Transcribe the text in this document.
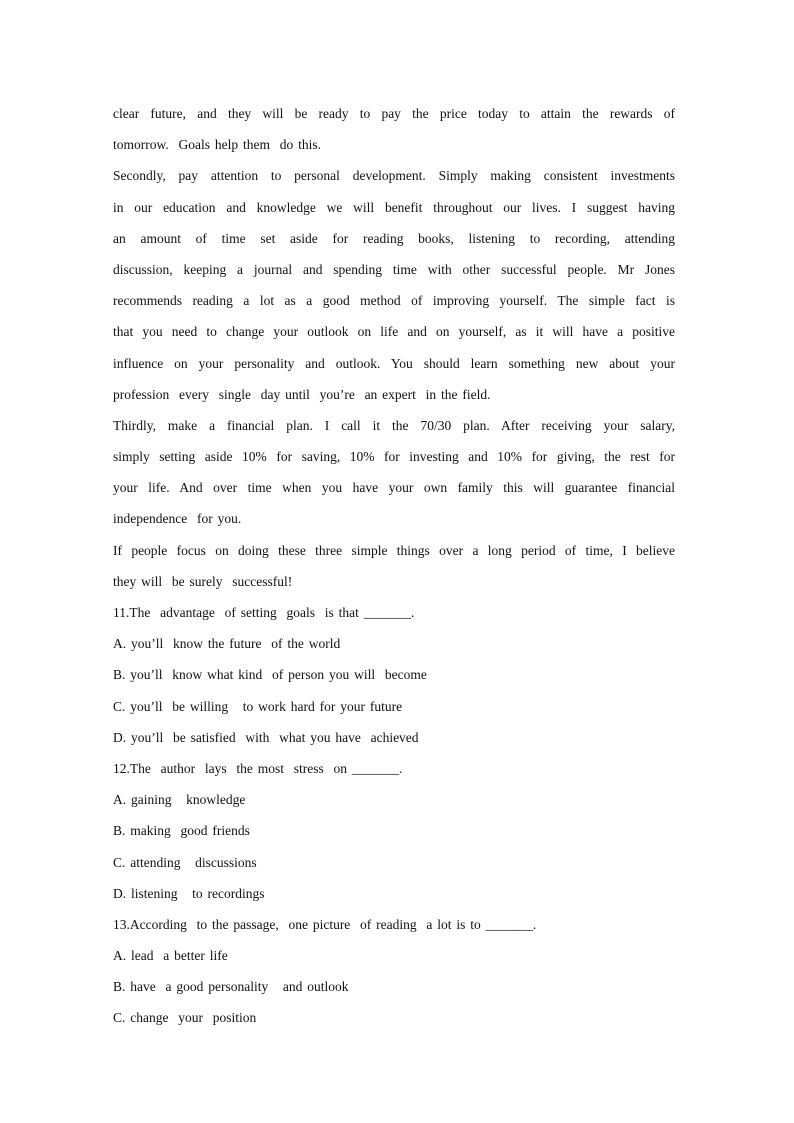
clear future, and they will be ready to pay the price today to attain the rewards of
tomorrow.  Goals help them  do this.
Secondly, pay attention to personal development. Simply making consistent investments
in our education and knowledge we will benefit throughout our lives. I suggest having
an amount of time set aside for reading books, listening to recording, attending
discussion, keeping a journal and spending time with other successful people. Mr Jones
recommends reading a lot as a good method of improving yourself. The simple fact is
that you need to change your outlook on life and on yourself, as it will have a positive
influence on your personality and outlook. You should learn something new about your
profession  every  single  day until  you’re  an expert  in the field.
Thirdly, make a financial plan. I call it the 70/30 plan. After receiving your salary,
simply setting aside 10% for saving, 10% for investing and 10% for giving, the rest for
your life. And over time when you have your own family this will guarantee financial
independence  for you.
If people focus on doing these three simple things over a long period of time, I believe
they will  be surely  successful!
11.The  advantage  of setting  goals  is that _______.
A. you’ll  know the future  of the world
B. you’ll  know what kind  of person you will  become
C. you’ll  be willing   to work hard for your future
D. you’ll  be satisfied  with  what you have  achieved
12.The  author  lays  the most  stress  on _______.
A. gaining   knowledge
B. making  good friends
C. attending   discussions
D. listening   to recordings
13.According  to the passage,  one picture  of reading  a lot is to _______.
A. lead  a better life
B. have  a good personality   and outlook
C. change  your  position
